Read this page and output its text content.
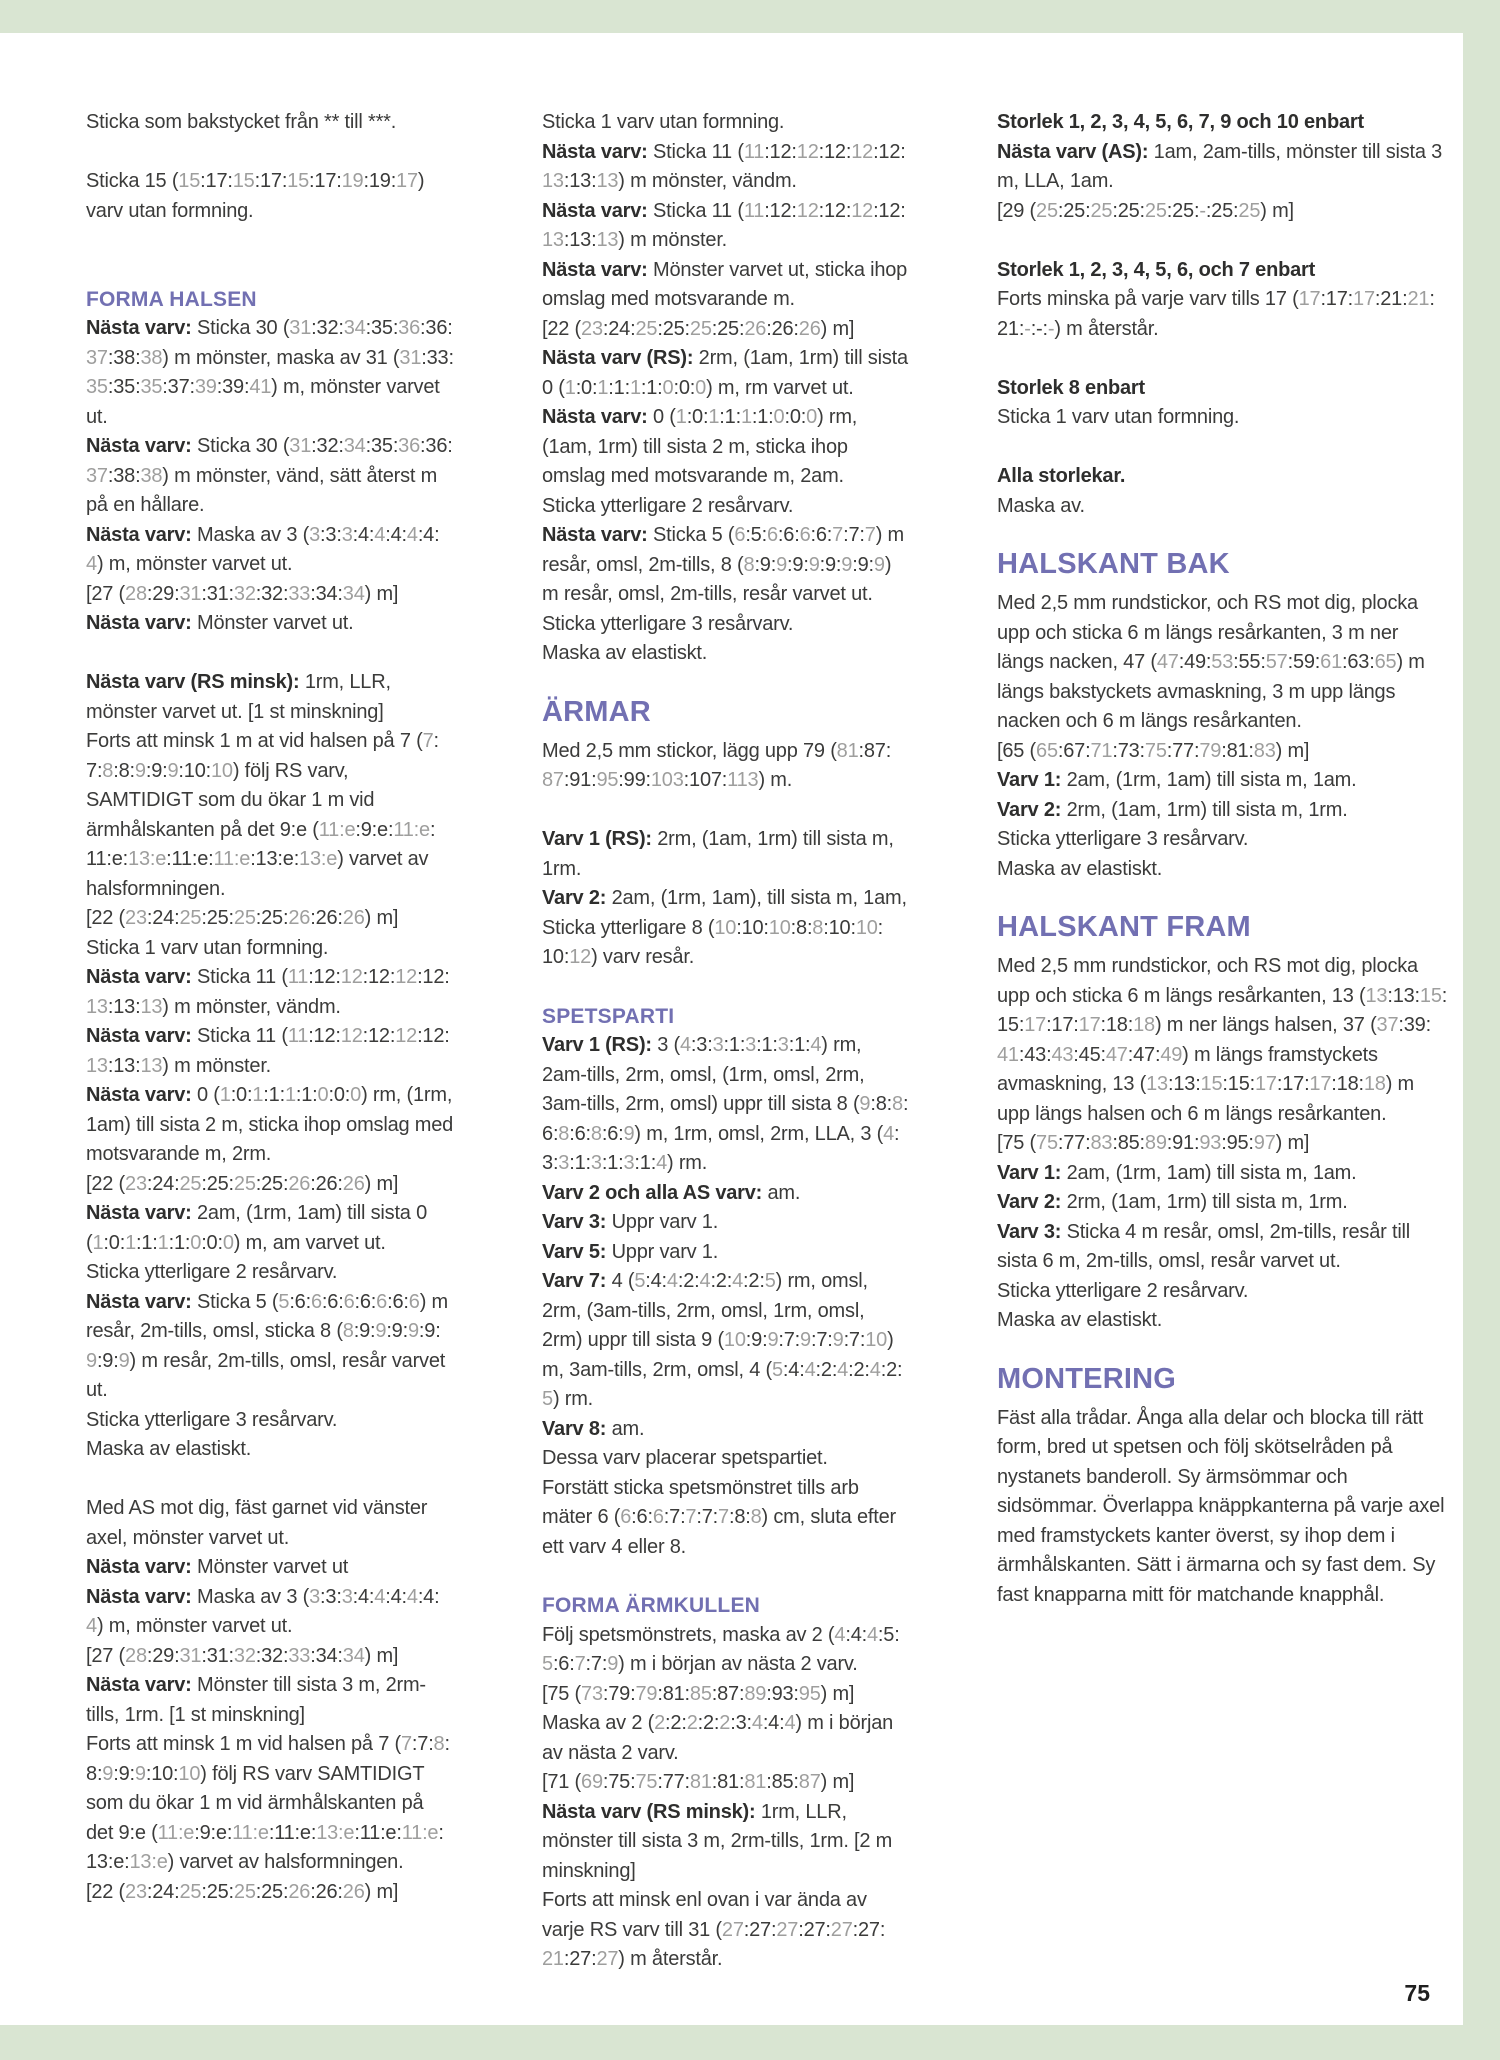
Sticka som bakstycket från ** till ***.

Sticka 15 (15:​17:​15:​17:​15:​17:​19:​19:​17) varv utan formning.

FORMA HALSEN

Nästa varv: Sticka 30 (31:​32:​34:​35:​36:​36:​37:​38:​38) m mönster, maska av 31 (31:​33:​35:​35:​35:​37:​39:​39:​41) m, mönster varvet ut.

Nästa varv: Sticka 30 (31:​32:​34:​35:​36:​36:​37:​38:​38) m mönster, vänd, sätt återst m på en hållare.

Nästa varv: Maska av 3 (3:​3:​3:​4:​4:​4:​4:​4:​4) m, mönster varvet ut.

[27 (28:​29:​31:​31:​32:​32:​33:​34:​34) m]

Nästa varv: Mönster varvet ut.

Nästa varv (RS minsk): 1rm, LLR, mönster varvet ut. [1 st minskning]

Forts att minsk 1 m at vid halsen på 7 (7:​7:​8:​8:​9:​9:​9:​10:​10) följ RS varv, SAMTIDIGT som du ökar 1 m vid ärmhålskanten på det 9:e (11:e:​9:e:​11:e:​11:e:​13:e:​11:e:​11:e:​13:e:​13:e) varvet av halsformningen.

[22 (23:​24:​25:​25:​25:​25:​26:​26:​26) m]

Sticka 1 varv utan formning.

Nästa varv: Sticka 11 (11:​12:​12:​12:​12:​12:​13:​13:​13) m mönster, vändm.

Nästa varv: Sticka 11 (11:​12:​12:​12:​12:​12:​13:​13:​13) m mönster.

Nästa varv: 0 (1:​0:​1:​1:​1:​1:​0:​0:​0) rm, (1rm, 1am) till sista 2 m, sticka ihop omslag med motsvarande m, 2rm.

[22 (23:​24:​25:​25:​25:​25:​26:​26:​26) m]

Nästa varv: 2am, (1rm, 1am) till sista 0 (1:​0:​1:​1:​1:​1:​0:​0:​0) m, am varvet ut.

Sticka ytterligare 2 resårvarv.

Nästa varv: Sticka 5 (5:​6:​6:​6:​6:​6:​6:​6:​6) m resår, 2m-tills, omsl, sticka 8 (8:​9:​9:​9:​9:​9:​9:​9:​9) m resår, 2m-tills, omsl, resår varvet ut.

Sticka ytterligare 3 resårvarv.

Maska av elastiskt.

Med AS mot dig, fäst garnet vid vänster axel, mönster varvet ut.

Nästa varv: Mönster varvet ut

Nästa varv: Maska av 3 (3:​3:​3:​4:​4:​4:​4:​4:​4) m, mönster varvet ut.

[27 (28:​29:​31:​31:​32:​32:​33:​34:​34) m]

Nästa varv: Mönster till sista 3 m, 2rm-tills, 1rm. [1 st minskning]

Forts att minsk 1 m vid halsen på 7 (7:​7:​8:​8:​9:​9:​9:​10:​10) följ RS varv SAMTIDIGT som du ökar 1 m vid ärmhålskanten på det 9:e (11:e:​9:e:​11:e:​11:e:​13:e:​11:e:​11:e:​13:e:​13:e) varvet av halsformningen.

[22 (23:​24:​25:​25:​25:​25:​26:​26:​26) m]

Sticka 1 varv utan formning.

Nästa varv: Sticka 11 (11:​12:​12:​12:​12:​12:​13:​13:​13) m mönster, vändm.

Nästa varv: Sticka 11 (11:​12:​12:​12:​12:​12:​13:​13:​13) m mönster.

Nästa varv: Mönster varvet ut, sticka ihop omslag med motsvarande m.

[22 (23:​24:​25:​25:​25:​25:​26:​26:​26) m]

Nästa varv (RS): 2rm, (1am, 1rm) till sista 0 (1:​0:​1:​1:​1:​1:​0:​0:​0) m, rm varvet ut.

Nästa varv: 0 (1:​0:​1:​1:​1:​1:​0:​0:​0) rm, (1am, 1rm) till sista 2 m, sticka ihop omslag med motsvarande m, 2am.

Sticka ytterligare 2 resårvarv.

Nästa varv: Sticka 5 (6:​5:​6:​6:​6:​6:​7:​7:​7) m resår, omsl, 2m-tills, 8 (8:​9:​9:​9:​9:​9:​9:​9:​9) m resår, omsl, 2m-tills, resår varvet ut.

Sticka ytterligare 3 resårvarv.

Maska av elastiskt.

ÄRMAR

Med 2,5 mm stickor, lägg upp 79 (81:​87:​87:​91:​95:​99:​103:​107:​113) m.

Varv 1 (RS): 2rm, (1am, 1rm) till sista m, 1rm.

Varv 2: 2am, (1rm, 1am), till sista m, 1am, Sticka ytterligare 8 (10:​10:​10:​8:​8:​10:​10:​10:​12) varv resår.

SPETSPARTI

Varv 1 (RS): 3 (4:​3:​3:​1:​3:​1:​3:​1:​4) rm, 2am-tills, 2rm, omsl, (1rm, omsl, 2rm, 3am-tills, 2rm, omsl) uppr till sista 8 (9:​8:​8:​6:​8:​6:​8:​6:​9) m, 1rm, omsl, 2rm, LLA, 3 (4:​3:​3:​1:​3:​1:​3:​1:​4) rm.

Varv 2 och alla AS varv: am.

Varv 3: Uppr varv 1.

Varv 5: Uppr varv 1.

Varv 7: 4 (5:​4:​4:​2:​4:​2:​4:​2:​5) rm, omsl, 2rm, (3am-tills, 2rm, omsl, 1rm, omsl, 2rm) uppr till sista 9 (10:​9:​9:​7:​9:​7:​9:​7:​10) m, 3am-tills, 2rm, omsl, 4 (5:​4:​4:​2:​4:​2:​4:​2:​5) rm.

Varv 8: am.

Dessa varv placerar spetspartiet.

Forstätt sticka spetsmönstret tills arb mäter 6 (6:​6:​6:​7:​7:​7:​7:​8:​8) cm, sluta efter ett varv 4 eller 8.

FORMA ÄRMKULLEN

Följ spetsmönstrets, maska av 2 (4:​4:​4:​5:​5:​6:​7:​7:​9) m i början av nästa 2 varv.

[75 (73:​79:​79:​81:​85:​87:​89:​93:​95) m]

Maska av 2 (2:​2:​2:​2:​2:​3:​4:​4:​4) m i början av nästa 2 varv.

[71 (69:​75:​75:​77:​81:​81:​81:​85:​87) m]

Nästa varv (RS minsk): 1rm, LLR, mönster till sista 3 m, 2rm-tills, 1rm. [2 m minskning]

Forts att minsk enl ovan i var ända av varje RS varv till 31 (27:​27:​27:​27:​27:​27:​21:​27:​27) m återstår.

Storlek 1, 2, 3, 4, 5, 6, 7, 9 och 10 enbart

Nästa varv (AS): 1am, 2am-tills, mönster till sista 3 m, LLA, 1am.

[29 (25:​25:​25:​25:​25:​25:​-:​25:​25) m]

Storlek 1, 2, 3, 4, 5, 6, och 7 enbart

Forts minska på varje varv tills 17 (17:​17:​17:​21:​21:​21:​-:​-:​-) m återstår.

Storlek 8 enbart

Sticka 1 varv utan formning.

Alla storlekar.

Maska av.

HALSKANT BAK

Med 2,5 mm rundstickor, och RS mot dig, plocka upp och sticka 6 m längs resårkanten, 3 m ner längs nacken, 47 (47:​49:​53:​55:​57:​59:​61:​63:​65) m längs bakstyckets avmaskning, 3 m upp längs nacken och 6 m längs resårkanten.

[65 (65:​67:​71:​73:​75:​77:​79:​81:​83) m]

Varv 1: 2am, (1rm, 1am) till sista m, 1am.

Varv 2: 2rm, (1am, 1rm) till sista m, 1rm.

Sticka ytterligare 3 resårvarv.

Maska av elastiskt.

HALSKANT FRAM

Med 2,5 mm rundstickor, och RS mot dig, plocka upp och sticka 6 m längs resårkanten, 13 (13:​13:​15:​15:​17:​17:​17:​18:​18) m ner längs halsen, 37 (37:​39:​41:​43:​43:​45:​47:​47:​49) m längs framstyckets avmaskning, 13 (13:​13:​15:​15:​17:​17:​17:​18:​18) m upp längs halsen och 6 m längs resårkanten.

[75 (75:​77:​83:​85:​89:​91:​93:​95:​97) m]

Varv 1: 2am, (1rm, 1am) till sista m, 1am.

Varv 2: 2rm, (1am, 1rm) till sista m, 1rm.

Varv 3: Sticka 4 m resår, omsl, 2m-tills, resår till sista 6 m, 2m-tills, omsl, resår varvet ut.

Sticka ytterligare 2 resårvarv.

Maska av elastiskt.

MONTERING

Fäst alla trådar. Ånga alla delar och blocka till rätt form, bred ut spetsen och följ skötselråden på nystanets banderoll. Sy ärmsömmar och sidsömmar. Överlappa knäppkanterna på varje axel med framstyckets kanter överst, sy ihop dem i ärmhålskanten. Sätt i ärmarna och sy fast dem. Sy fast knapparna mitt för matchande knapphål.

75
